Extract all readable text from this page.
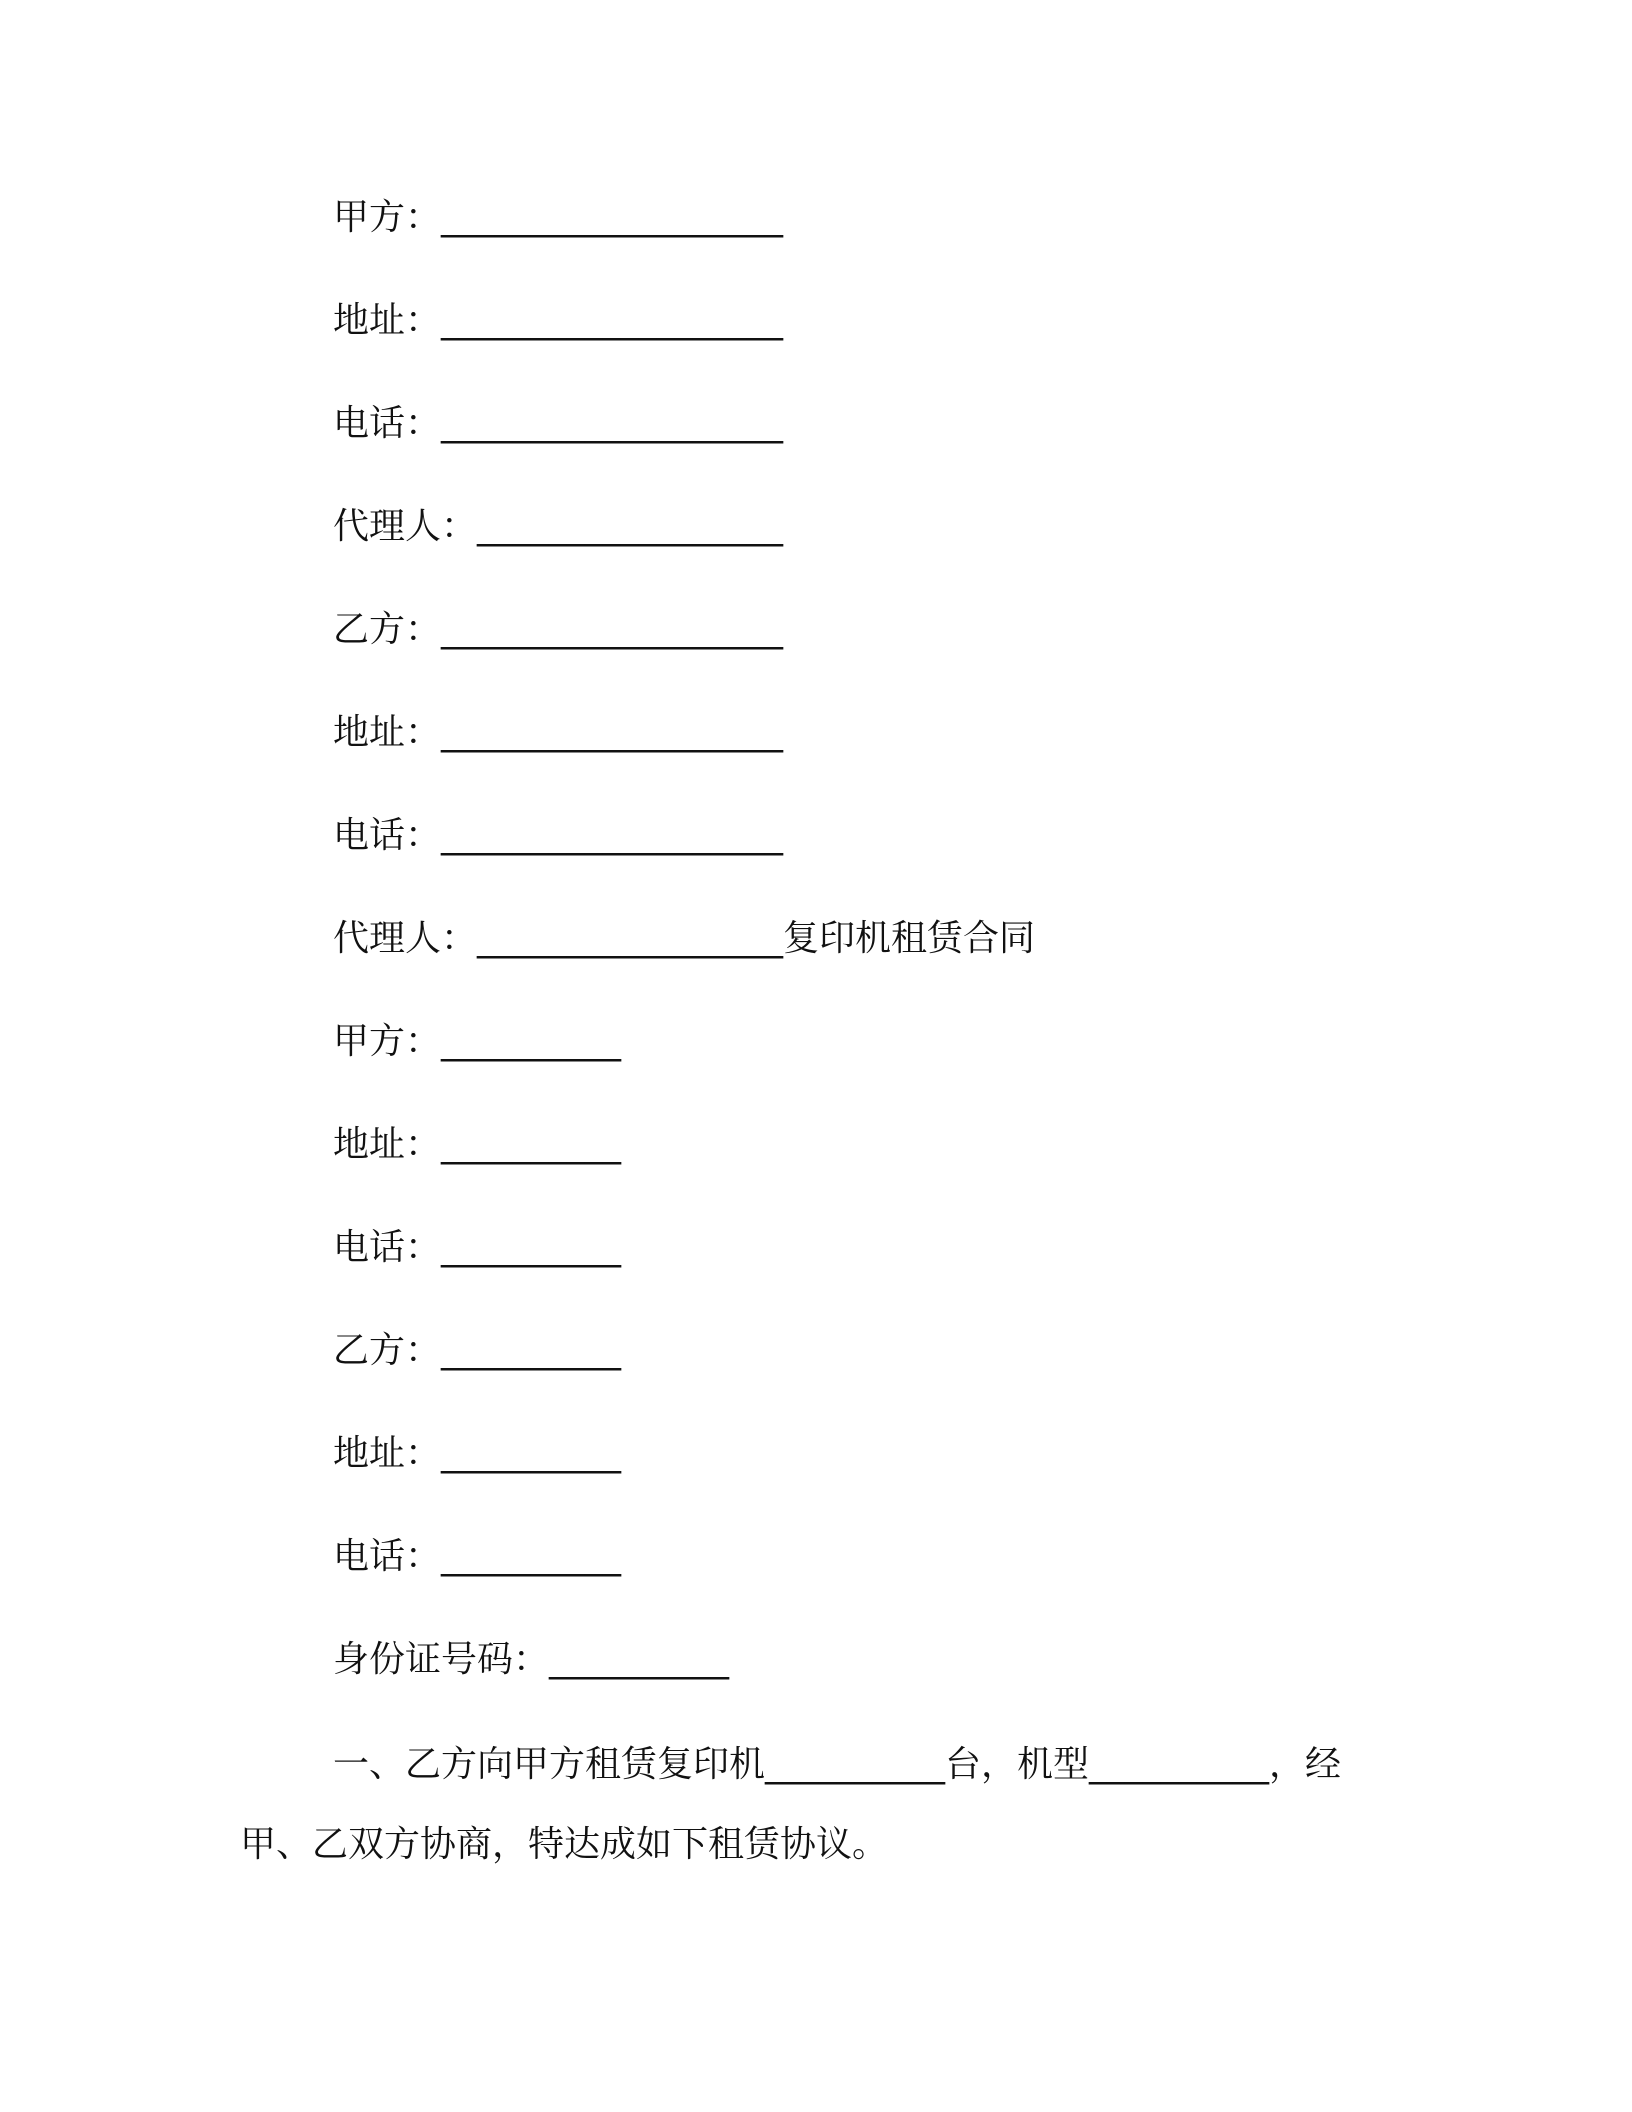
甲方：___________________
地址：___________________
电话：___________________
代理人：_________________
乙方：___________________
地址：___________________
电话：___________________
代理人：_________________复印机租赁合同
甲方：__________
地址：__________
电话：__________
乙方：__________
地址：__________
电话：__________
身份证号码：__________
一、乙方向甲方租赁复印机__________台，机型__________，经甲、乙双方协商，特达成如下租赁协议。
